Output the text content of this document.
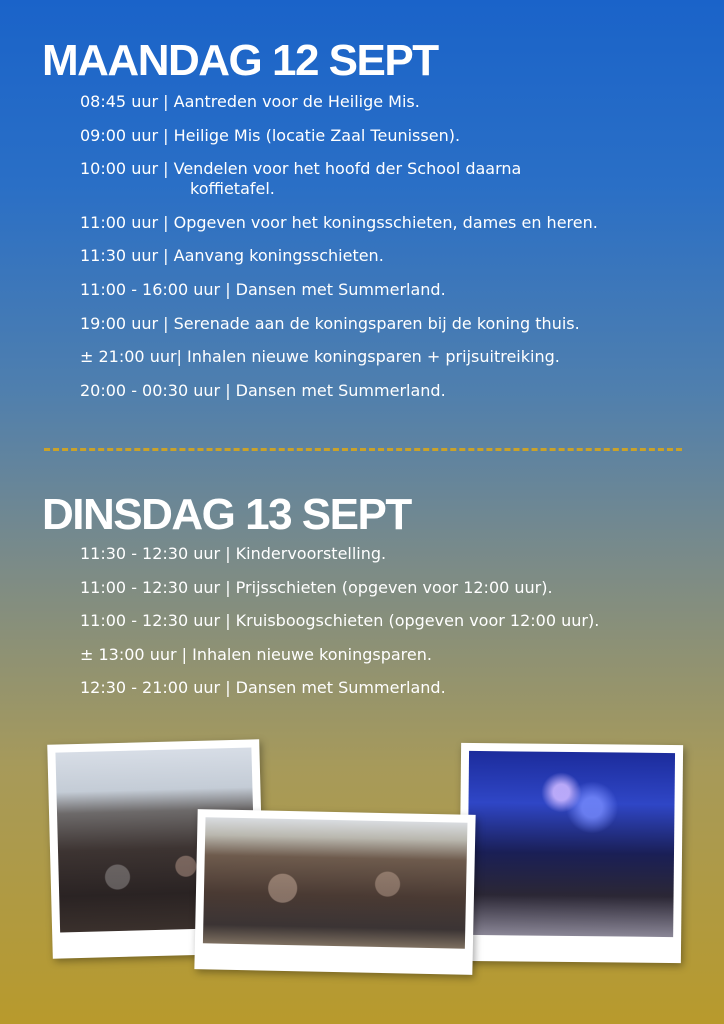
MAANDAG 12 SEPT
08:45 uur | Aantreden voor de Heilige Mis.
09:00 uur | Heilige Mis (locatie Zaal Teunissen).
10:00 uur | Vendelen voor het hoofd der School daarna
koffietafel.
11:00 uur | Opgeven voor het koningsschieten, dames en heren.
11:30 uur | Aanvang koningsschieten.
11:00 - 16:00 uur | Dansen met Summerland.
19:00 uur | Serenade aan de koningsparen bij de koning thuis.
± 21:00 uur| Inhalen nieuwe koningsparen + prijsuitreiking.
20:00 - 00:30 uur | Dansen met Summerland.
DINSDAG 13 SEPT
11:30 - 12:30 uur | Kindervoorstelling.
11:00 - 12:30 uur | Prijsschieten (opgeven voor 12:00 uur).
11:00 - 12:30 uur | Kruisboogschieten (opgeven voor 12:00 uur).
± 13:00 uur | Inhalen nieuwe koningsparen.
12:30 - 21:00 uur | Dansen met Summerland.
